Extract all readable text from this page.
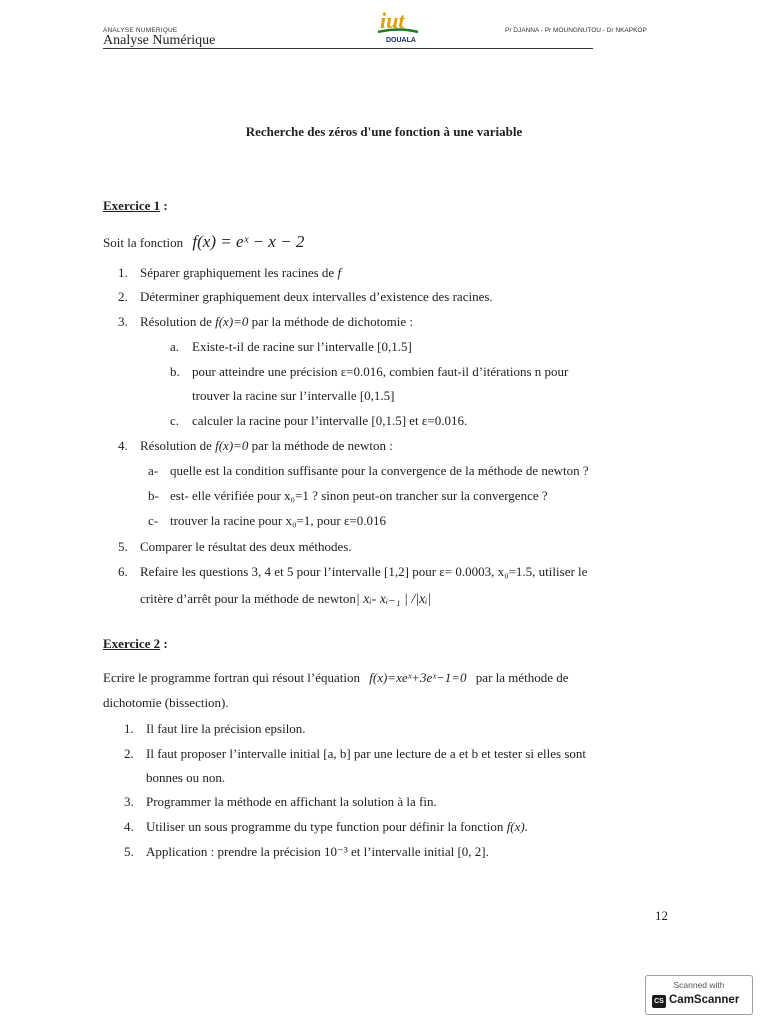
ANALYSE NUMERIQUE
Analyse Numérique
Pr DJANNA - Pr MOUNGNUTOU - Dr NKAPKOP
iut
DOUALA
Recherche des zéros d'une fonction à une variable
Exercice 1 :
Soit la fonction f(x) = eˣ − x − 2
1. Séparer graphiquement les racines de f
2. Déterminer graphiquement deux intervalles d’existence des racines.
3. Résolution de f(x)=0 par la méthode de dichotomie :
a. Existe-t-il de racine sur l’intervalle [0,1.5]
b. pour atteindre une précision ε=0.016, combien faut-il d’itérations n pour
trouver la racine sur l’intervalle [0,1.5]
c. calculer la racine pour l’intervalle [0,1.5] et ε=0.016.
4. Résolution de f(x)=0 par la méthode de newton :
a- quelle est la condition suffisante pour la convergence de la méthode de newton ?
b- est- elle vérifiée pour x₀=1 ? sinon peut-on trancher sur la convergence ?
c- trouver la racine pour x₀=1, pour ε=0.016
5. Comparer le résultat des deux méthodes.
6. Refaire les questions 3, 4 et 5 pour l’intervalle [1,2] pour ε= 0.0003, x₀=1.5, utiliser le
critère d’arrêt pour la méthode de newton| xᵢ- xᵢ₋₁ | /|xᵢ|
Exercice 2 :
Ecrire le programme fortran qui résout l’équation f(x)=xeˣ+3eˣ−1=0 par la méthode de
dichotomie (bissection).
1. Il faut lire la précision epsilon.
2. Il faut proposer l’intervalle initial [a, b] par une lecture de a et b et tester si elles sont
bonnes ou non.
3. Programmer la méthode en affichant la solution à la fin.
4. Utiliser un sous programme du type function pour définir la fonction f(x).
5. Application : prendre la précision 10⁻³ et l’intervalle initial [0, 2].
12
Scanned with
CS CamScanner
